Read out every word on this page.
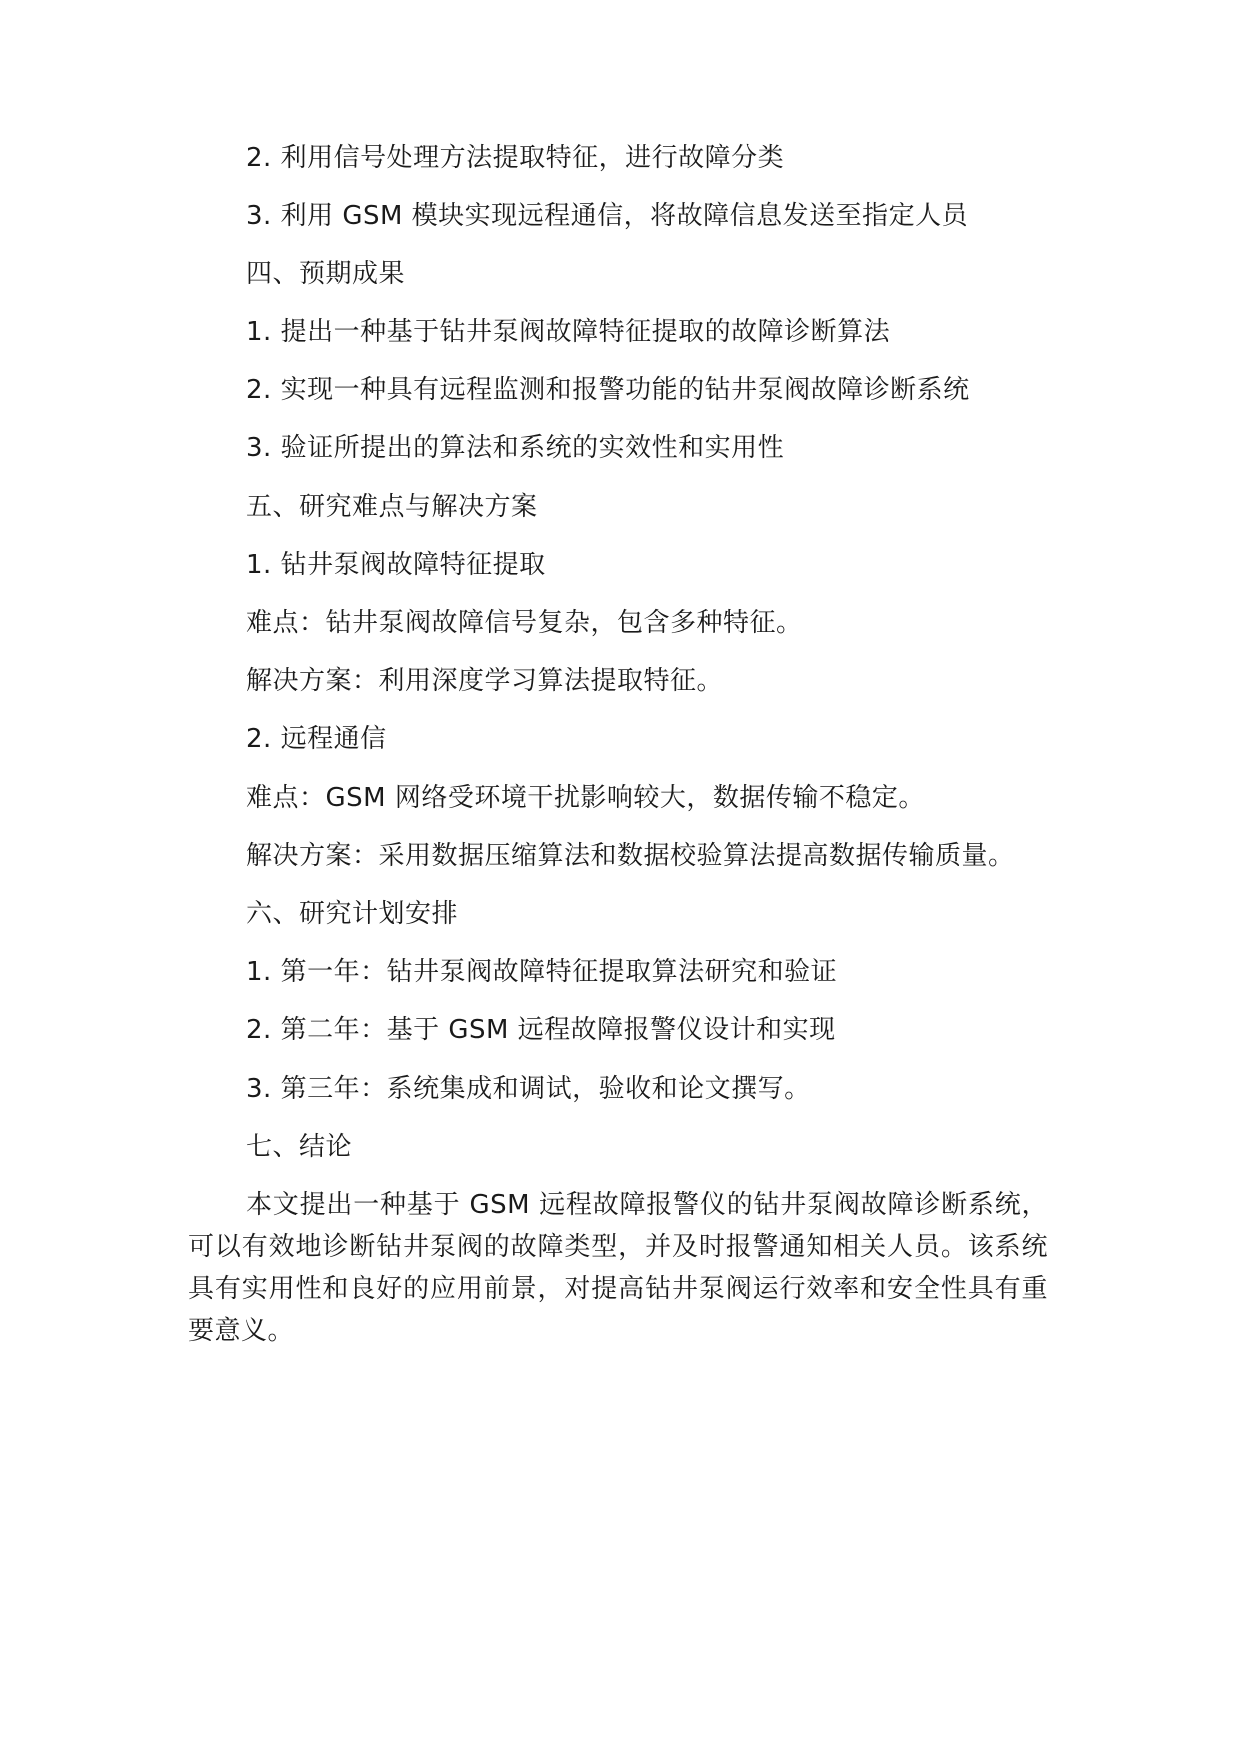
2. 利用信号处理方法提取特征，进行故障分类
3. 利用 GSM 模块实现远程通信，将故障信息发送至指定人员
四、预期成果
1. 提出一种基于钻井泵阀故障特征提取的故障诊断算法
2. 实现一种具有远程监测和报警功能的钻井泵阀故障诊断系统
3. 验证所提出的算法和系统的实效性和实用性
五、研究难点与解决方案
1. 钻井泵阀故障特征提取
难点：钻井泵阀故障信号复杂，包含多种特征。
解决方案：利用深度学习算法提取特征。
2. 远程通信
难点：GSM 网络受环境干扰影响较大，数据传输不稳定。
解决方案：采用数据压缩算法和数据校验算法提高数据传输质量。
六、研究计划安排
1. 第一年：钻井泵阀故障特征提取算法研究和验证
2. 第二年：基于 GSM 远程故障报警仪设计和实现
3. 第三年：系统集成和调试，验收和论文撰写。
七、结论
本文提出一种基于 GSM 远程故障报警仪的钻井泵阀故障诊断系统，可以有效地诊断钻井泵阀的故障类型，并及时报警通知相关人员。该系统具有实用性和良好的应用前景，对提高钻井泵阀运行效率和安全性具有重要意义。
